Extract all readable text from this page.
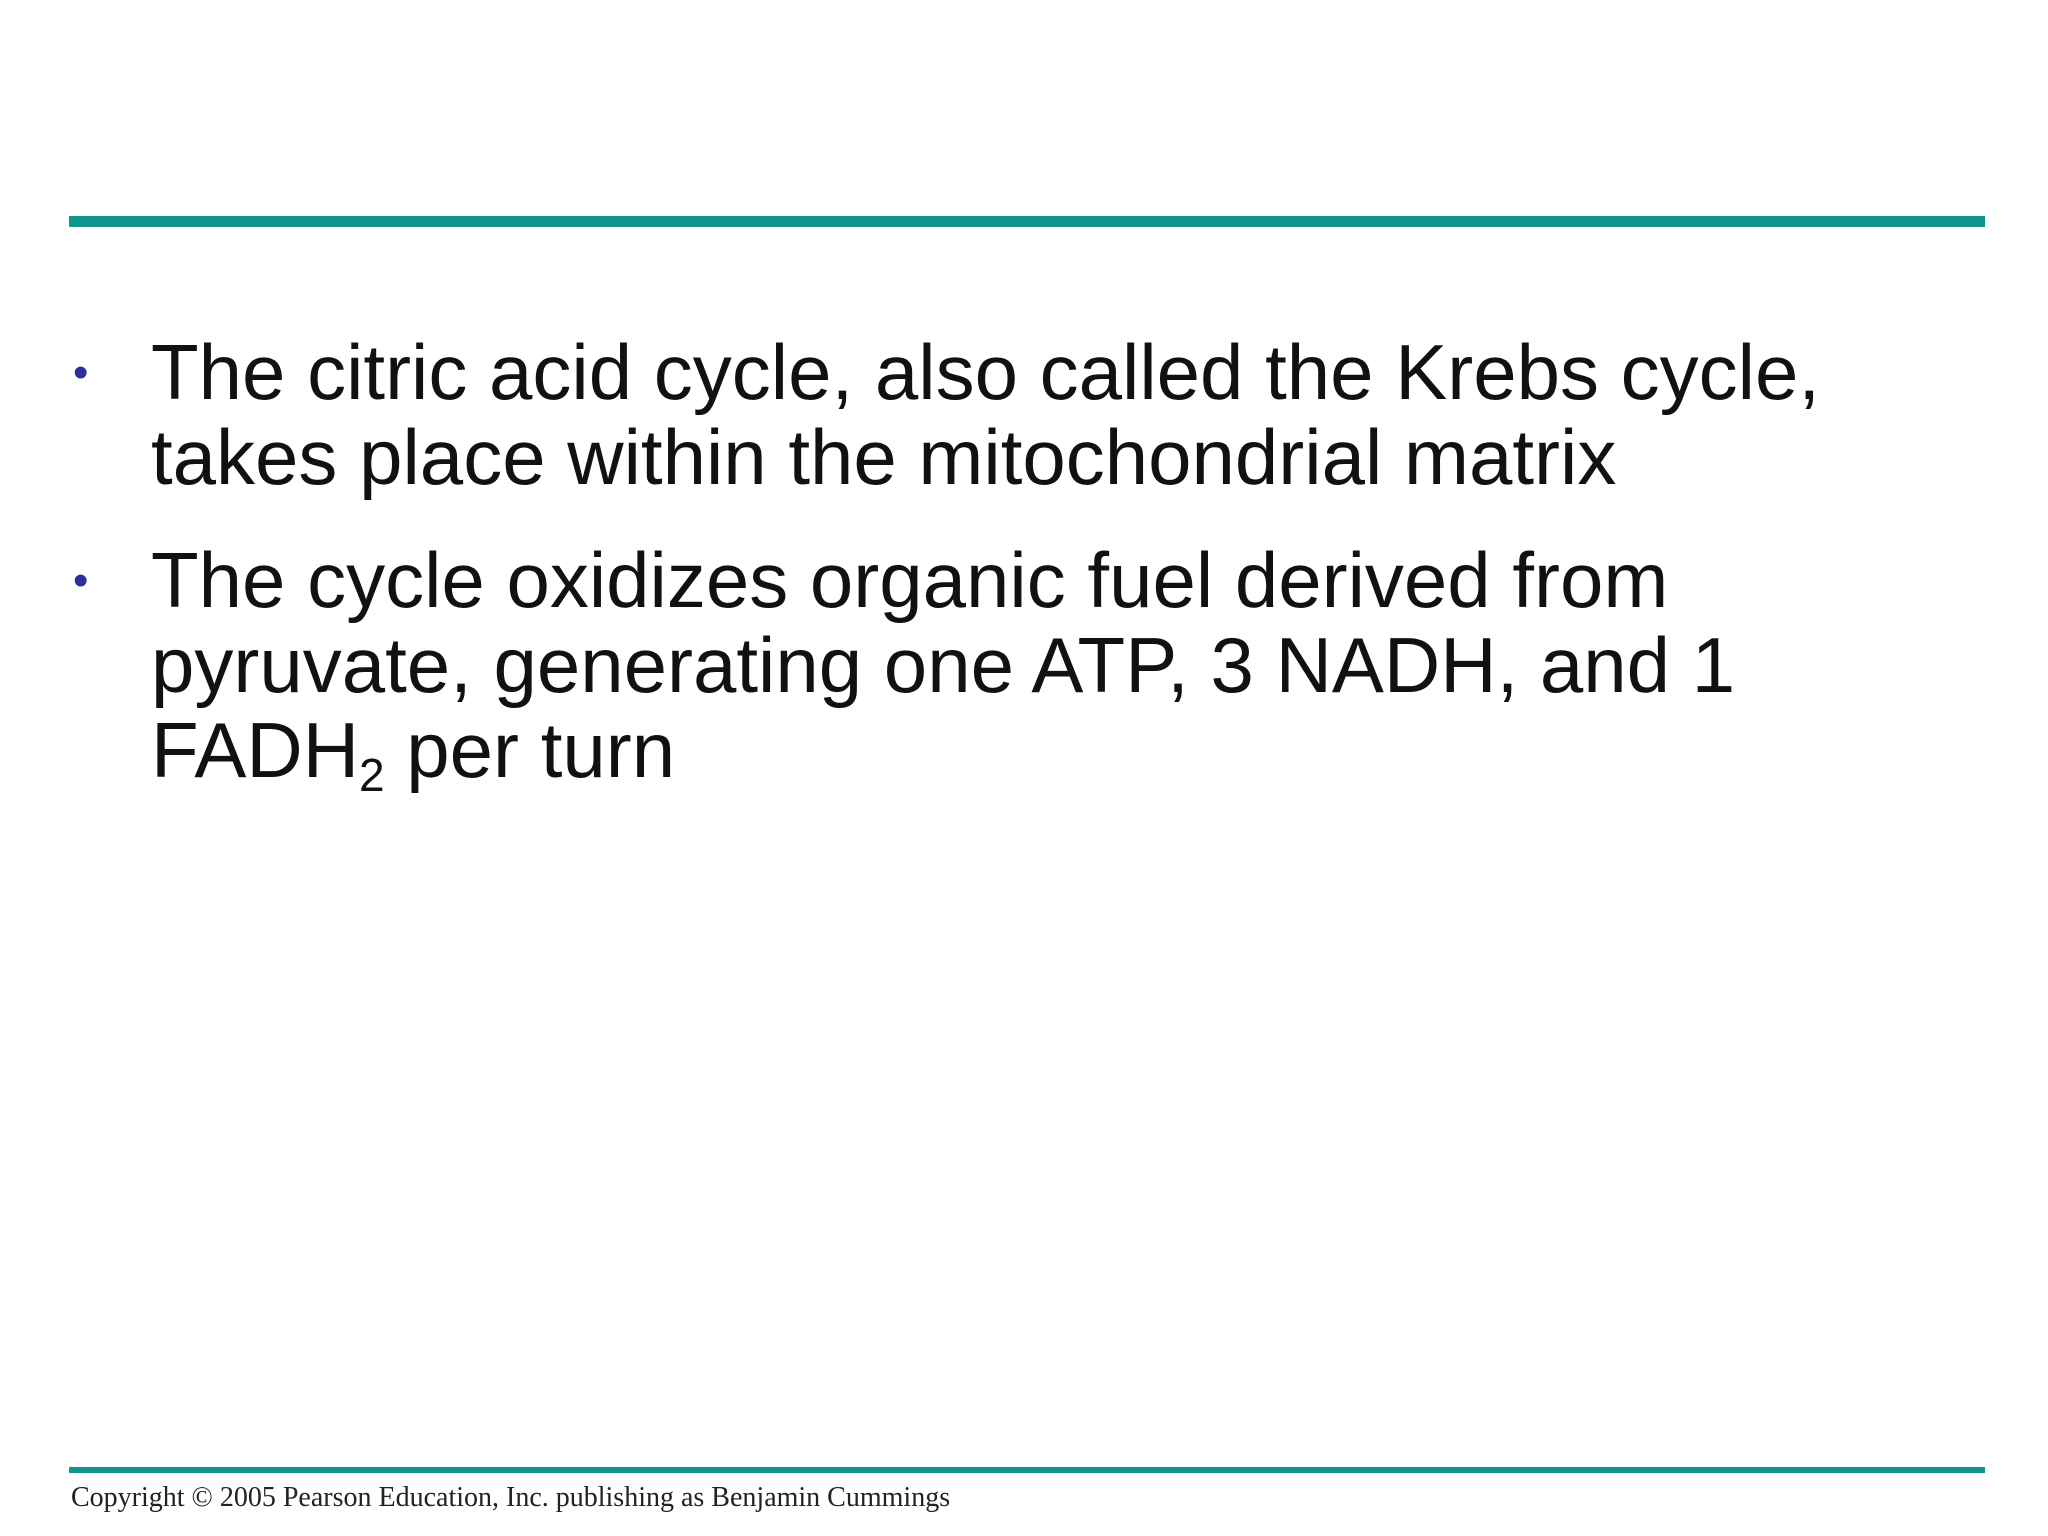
• The citric acid cycle, also called the Krebs cycle,
takes place within the mitochondrial matrix
• The cycle oxidizes organic fuel derived from
pyruvate, generating one ATP, 3 NADH, and 1
$FADH_2$ per turn
Copyright © 2005 Pearson Education, Inc. publishing as Benjamin Cummings
